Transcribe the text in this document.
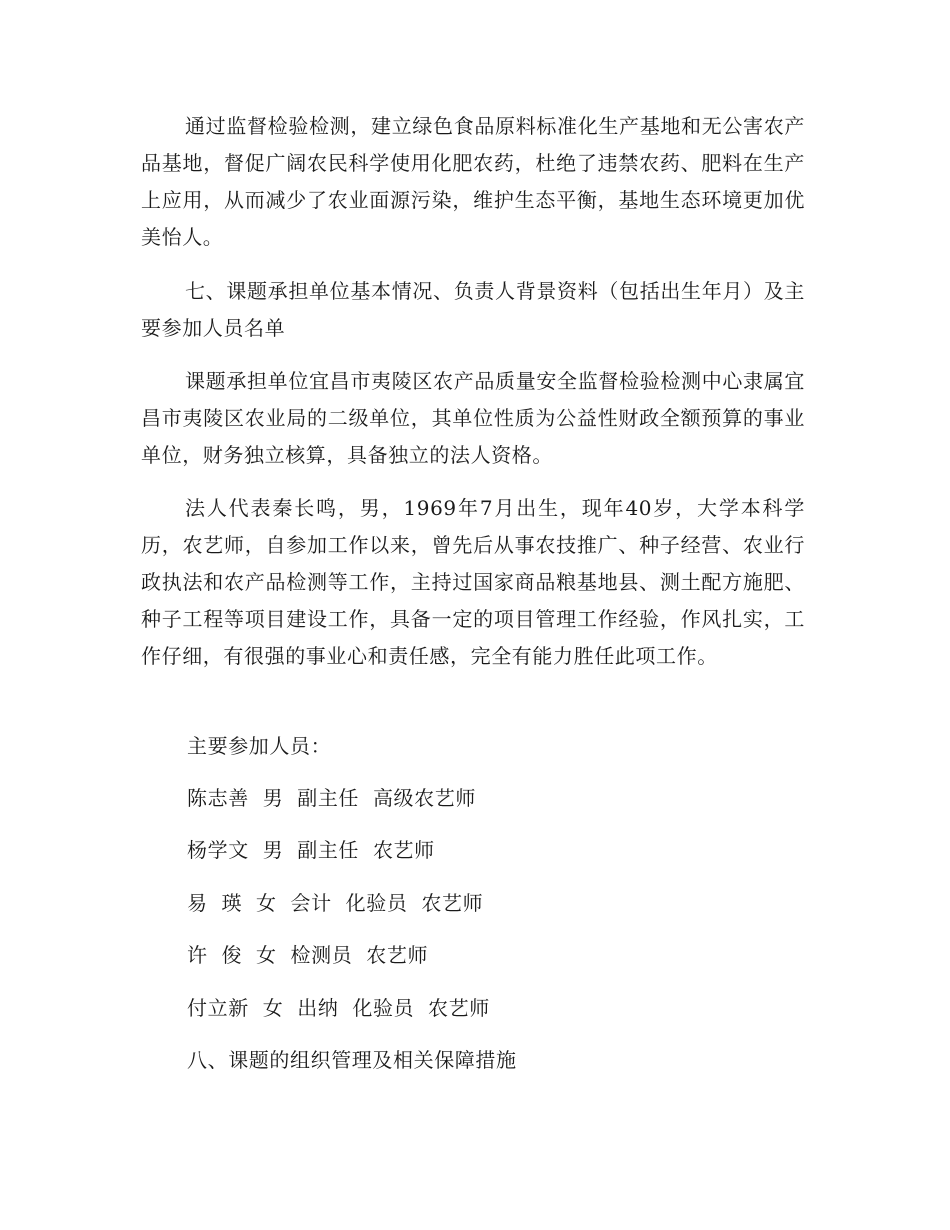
通过监督检验检测，建立绿色食品原料标准化生产基地和无公害农产品基地，督促广阔农民科学使用化肥农药，杜绝了违禁农药、肥料在生产上应用，从而减少了农业面源污染，维护生态平衡，基地生态环境更加优美怡人。

七、课题承担单位基本情况、负责人背景资料（包括出生年月）及主要参加人员名单

课题承担单位宜昌市夷陵区农产品质量安全监督检验检测中心隶属宜昌市夷陵区农业局的二级单位，其单位性质为公益性财政全额预算的事业单位，财务独立核算，具备独立的法人资格。

法人代表秦长鸣，男，1969年7月出生，现年40岁，大学本科学历，农艺师，自参加工作以来，曾先后从事农技推广、种子经营、农业行政执法和农产品检测等工作，主持过国家商品粮基地县、测土配方施肥、种子工程等项目建设工作，具备一定的项目管理工作经验，作风扎实，工作仔细，有很强的事业心和责任感，完全有能力胜任此项工作。

主要参加人员：

陈志善  男  副主任  高级农艺师

杨学文  男  副主任  农艺师

易  瑛  女  会计  化验员  农艺师

许  俊  女  检测员  农艺师

付立新  女  出纳  化验员  农艺师

八、课题的组织管理及相关保障措施
